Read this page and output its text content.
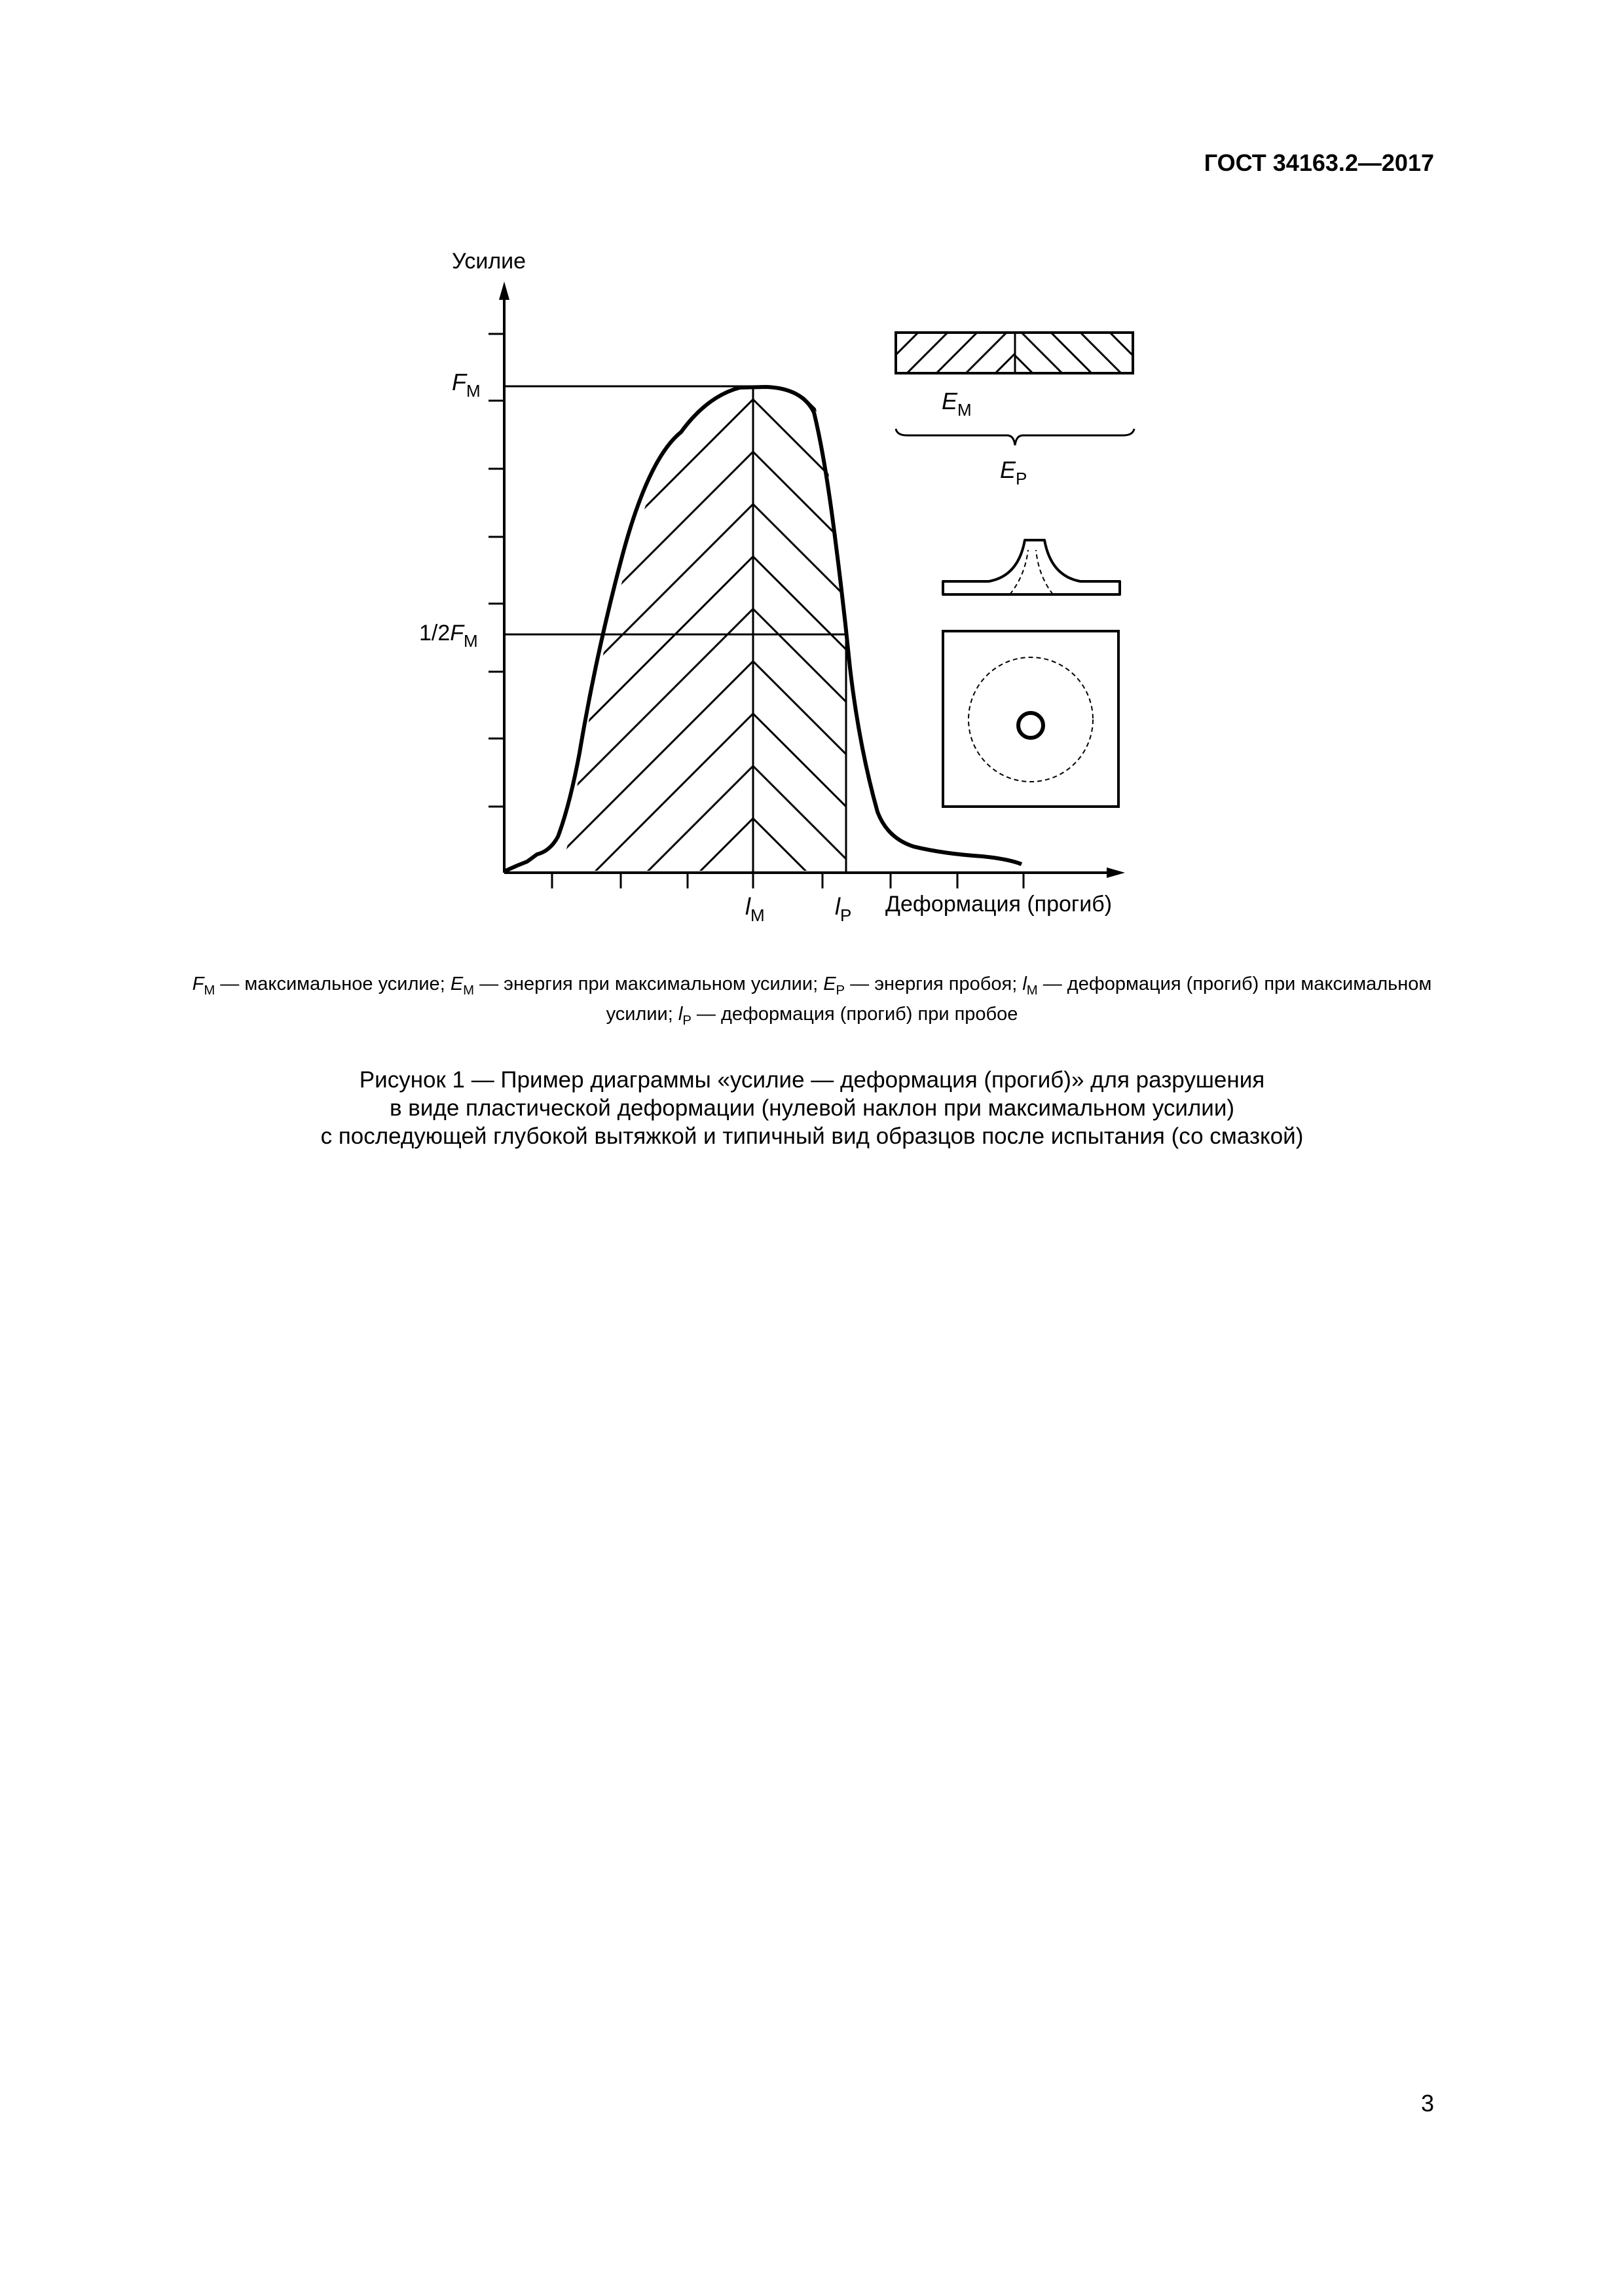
ГОСТ 34163.2—2017
Усилие
Деформация (прогиб)
$F_М$
$1/2F_М$
$l_М$	$l_Р$
$E_М$
$E_Р$
$F_М$ — максимальное усилие; $E_М$ — энергия при максимальном усилии; $E_Р$ — энергия пробоя; $l_М$ — деформация (прогиб) при максимальном усилии; $l_Р$ — деформация (прогиб) при пробое
Рисунок 1 — Пример диаграммы «усилие — деформация (прогиб)» для разрушения
в виде пластической деформации (нулевой наклон при максимальном усилии)
с последующей глубокой вытяжкой и типичный вид образцов после испытания (со смазкой)
3
